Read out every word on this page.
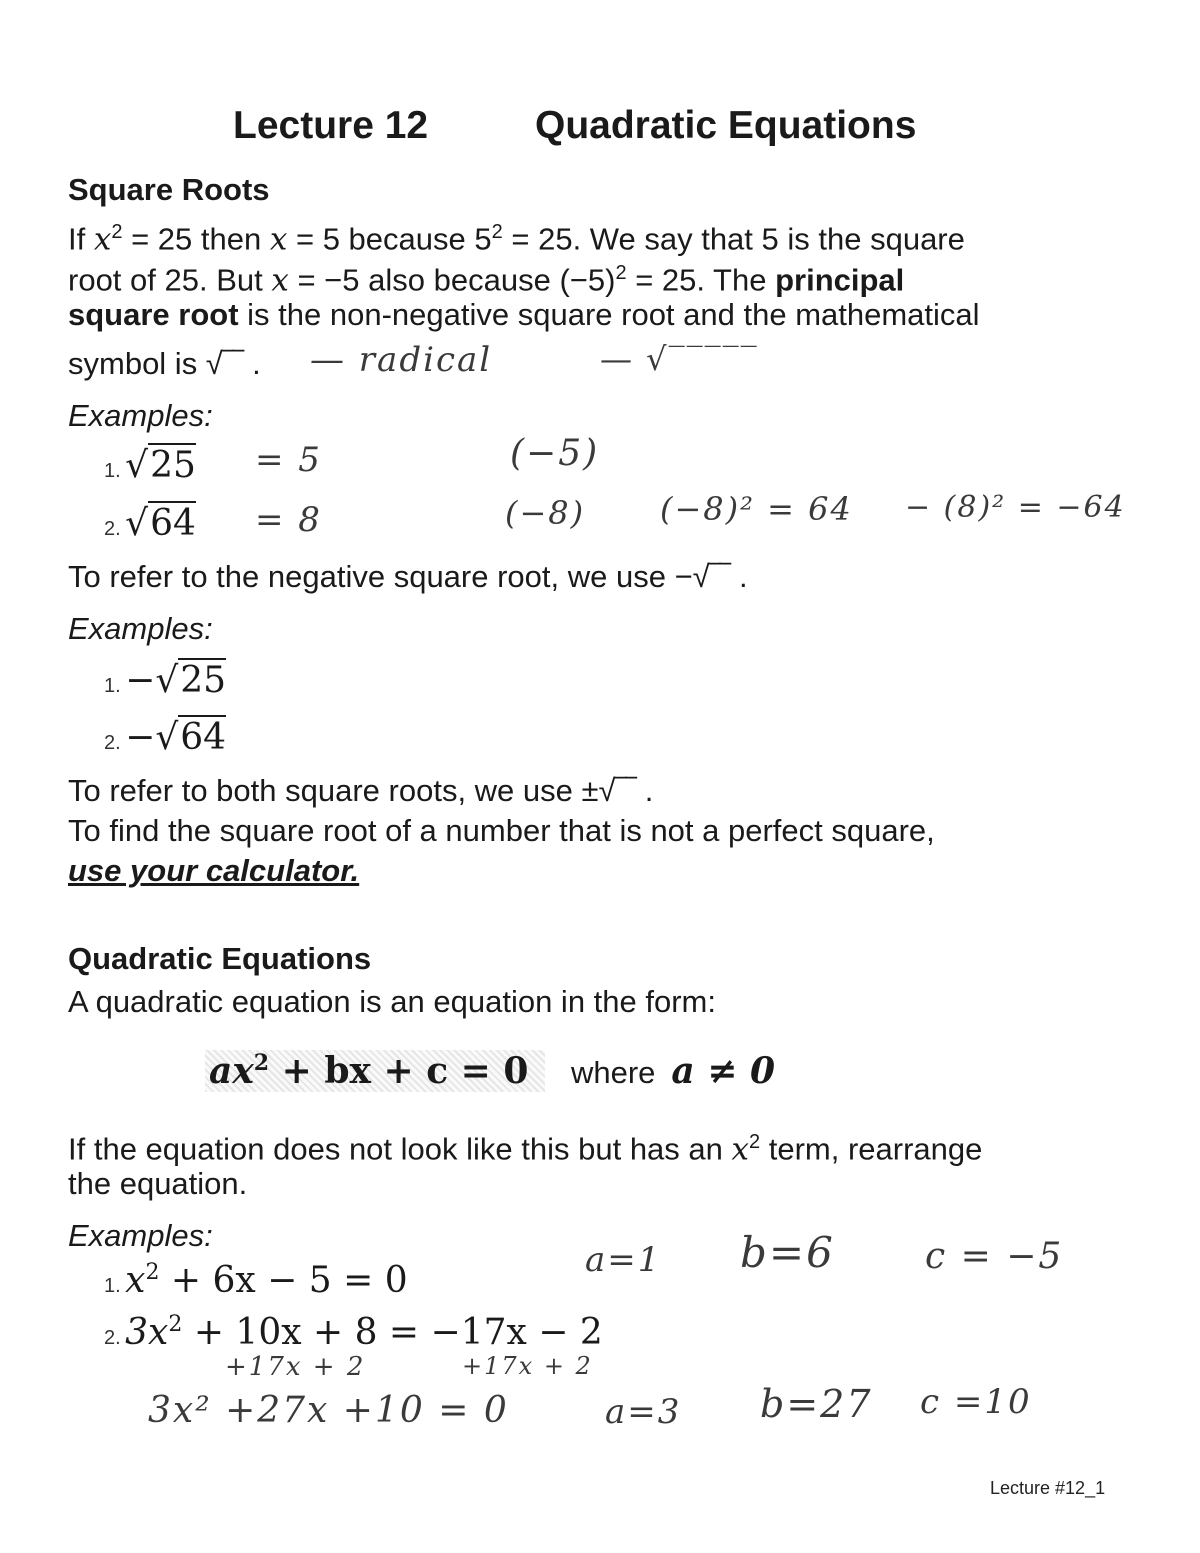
Lecture 12	Quadratic Equations
Square Roots
If $x^2 = 25$ then x = 5 because $5^2 = 25$. We say that 5 is the square
root of 25. But x = −5 also because $(-5)^2 = 25$. The principal
square root is the non-negative square root and the mathematical
symbol is √‾‾ . — radical	— √‾‾‾‾‾
Examples:
1. √25 = 5	(−5)
2. √64 = 8	(−8) (−8)² = 64 − (8)² = −64
To refer to the negative square root, we use −√‾‾ .
Examples:
1. −√25
2. −√64
To refer to both square roots, we use ±√‾‾ .
To find the square root of a number that is not a perfect square,
use your calculator.
Quadratic Equations
A quadratic equation is an equation in the form:
$ax^2$ + bx + c = 0 where a ≠ 0
If the equation does not look like this but has an $x^2$ term, rearrange
the equation.
Examples:
1. $x^2 + 6x - 5 = 0$	a=1 b=6	c = −5
2. $3x^2 + 10x + 8 = -17x - 2$
+17x + 2	+17x + 2
3x² +27x +10 = 0	a=3 b=27 c =10
Lecture #12_1
